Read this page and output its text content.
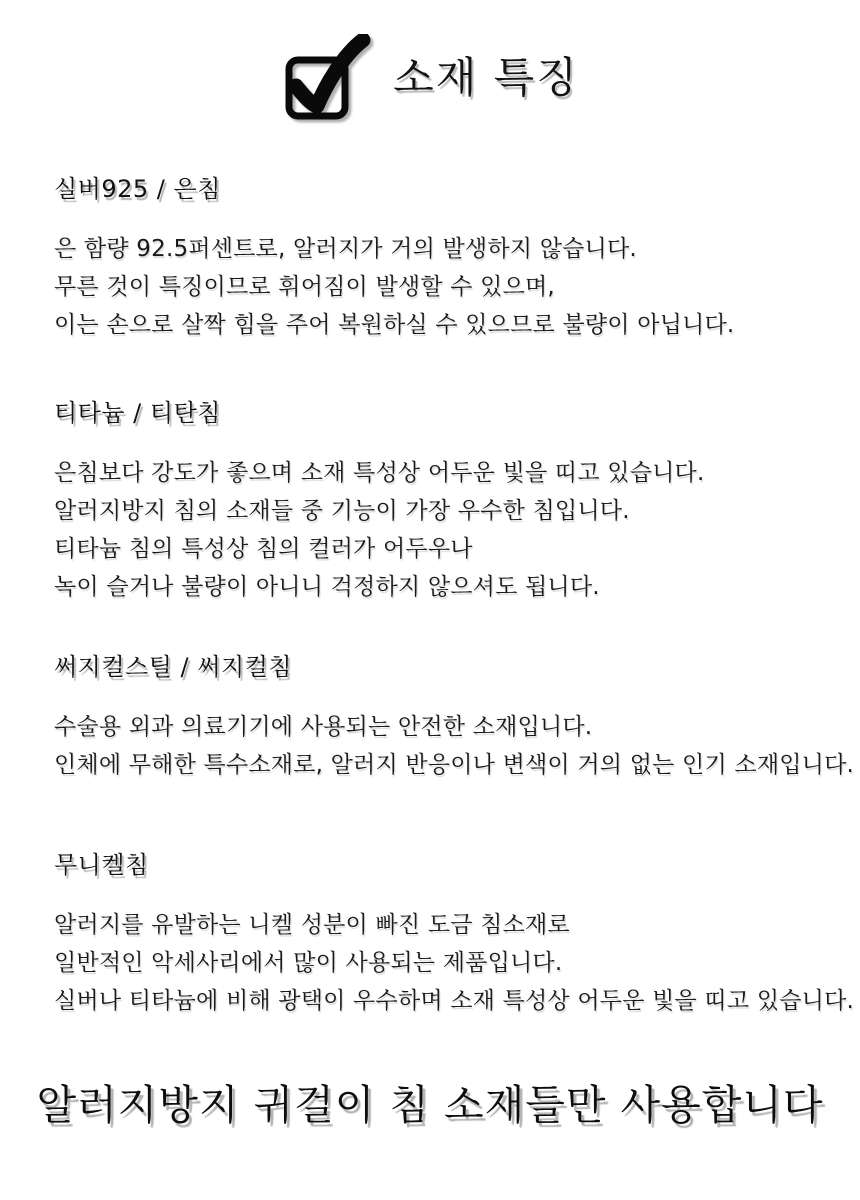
소재 특징
실버925 / 은침

은 함량 92.5퍼센트로, 알러지가 거의 발생하지 않습니다.

무른 것이 특징이므로 휘어짐이 발생할 수 있으며,

이는 손으로 살짝 힘을 주어 복원하실 수 있으므로 불량이 아닙니다.

티타늄 / 티탄침

은침보다 강도가 좋으며 소재 특성상 어두운 빛을 띠고 있습니다.

알러지방지 침의 소재들 중 기능이 가장 우수한 침입니다.

티타늄 침의 특성상 침의 컬러가 어두우나

녹이 슬거나 불량이 아니니 걱정하지 않으셔도 됩니다.

써지컬스틸 / 써지컬침

수술용 외과 의료기기에 사용되는 안전한 소재입니다.

인체에 무해한 특수소재로, 알러지 반응이나 변색이 거의 없는 인기 소재입니다.

무니켈침

알러지를 유발하는 니켈 성분이 빠진 도금 침소재로

일반적인 악세사리에서 많이 사용되는 제품입니다.

실버나 티타늄에 비해 광택이 우수하며 소재 특성상 어두운 빛을 띠고 있습니다.

알러지방지 귀걸이 침 소재들만 사용합니다
